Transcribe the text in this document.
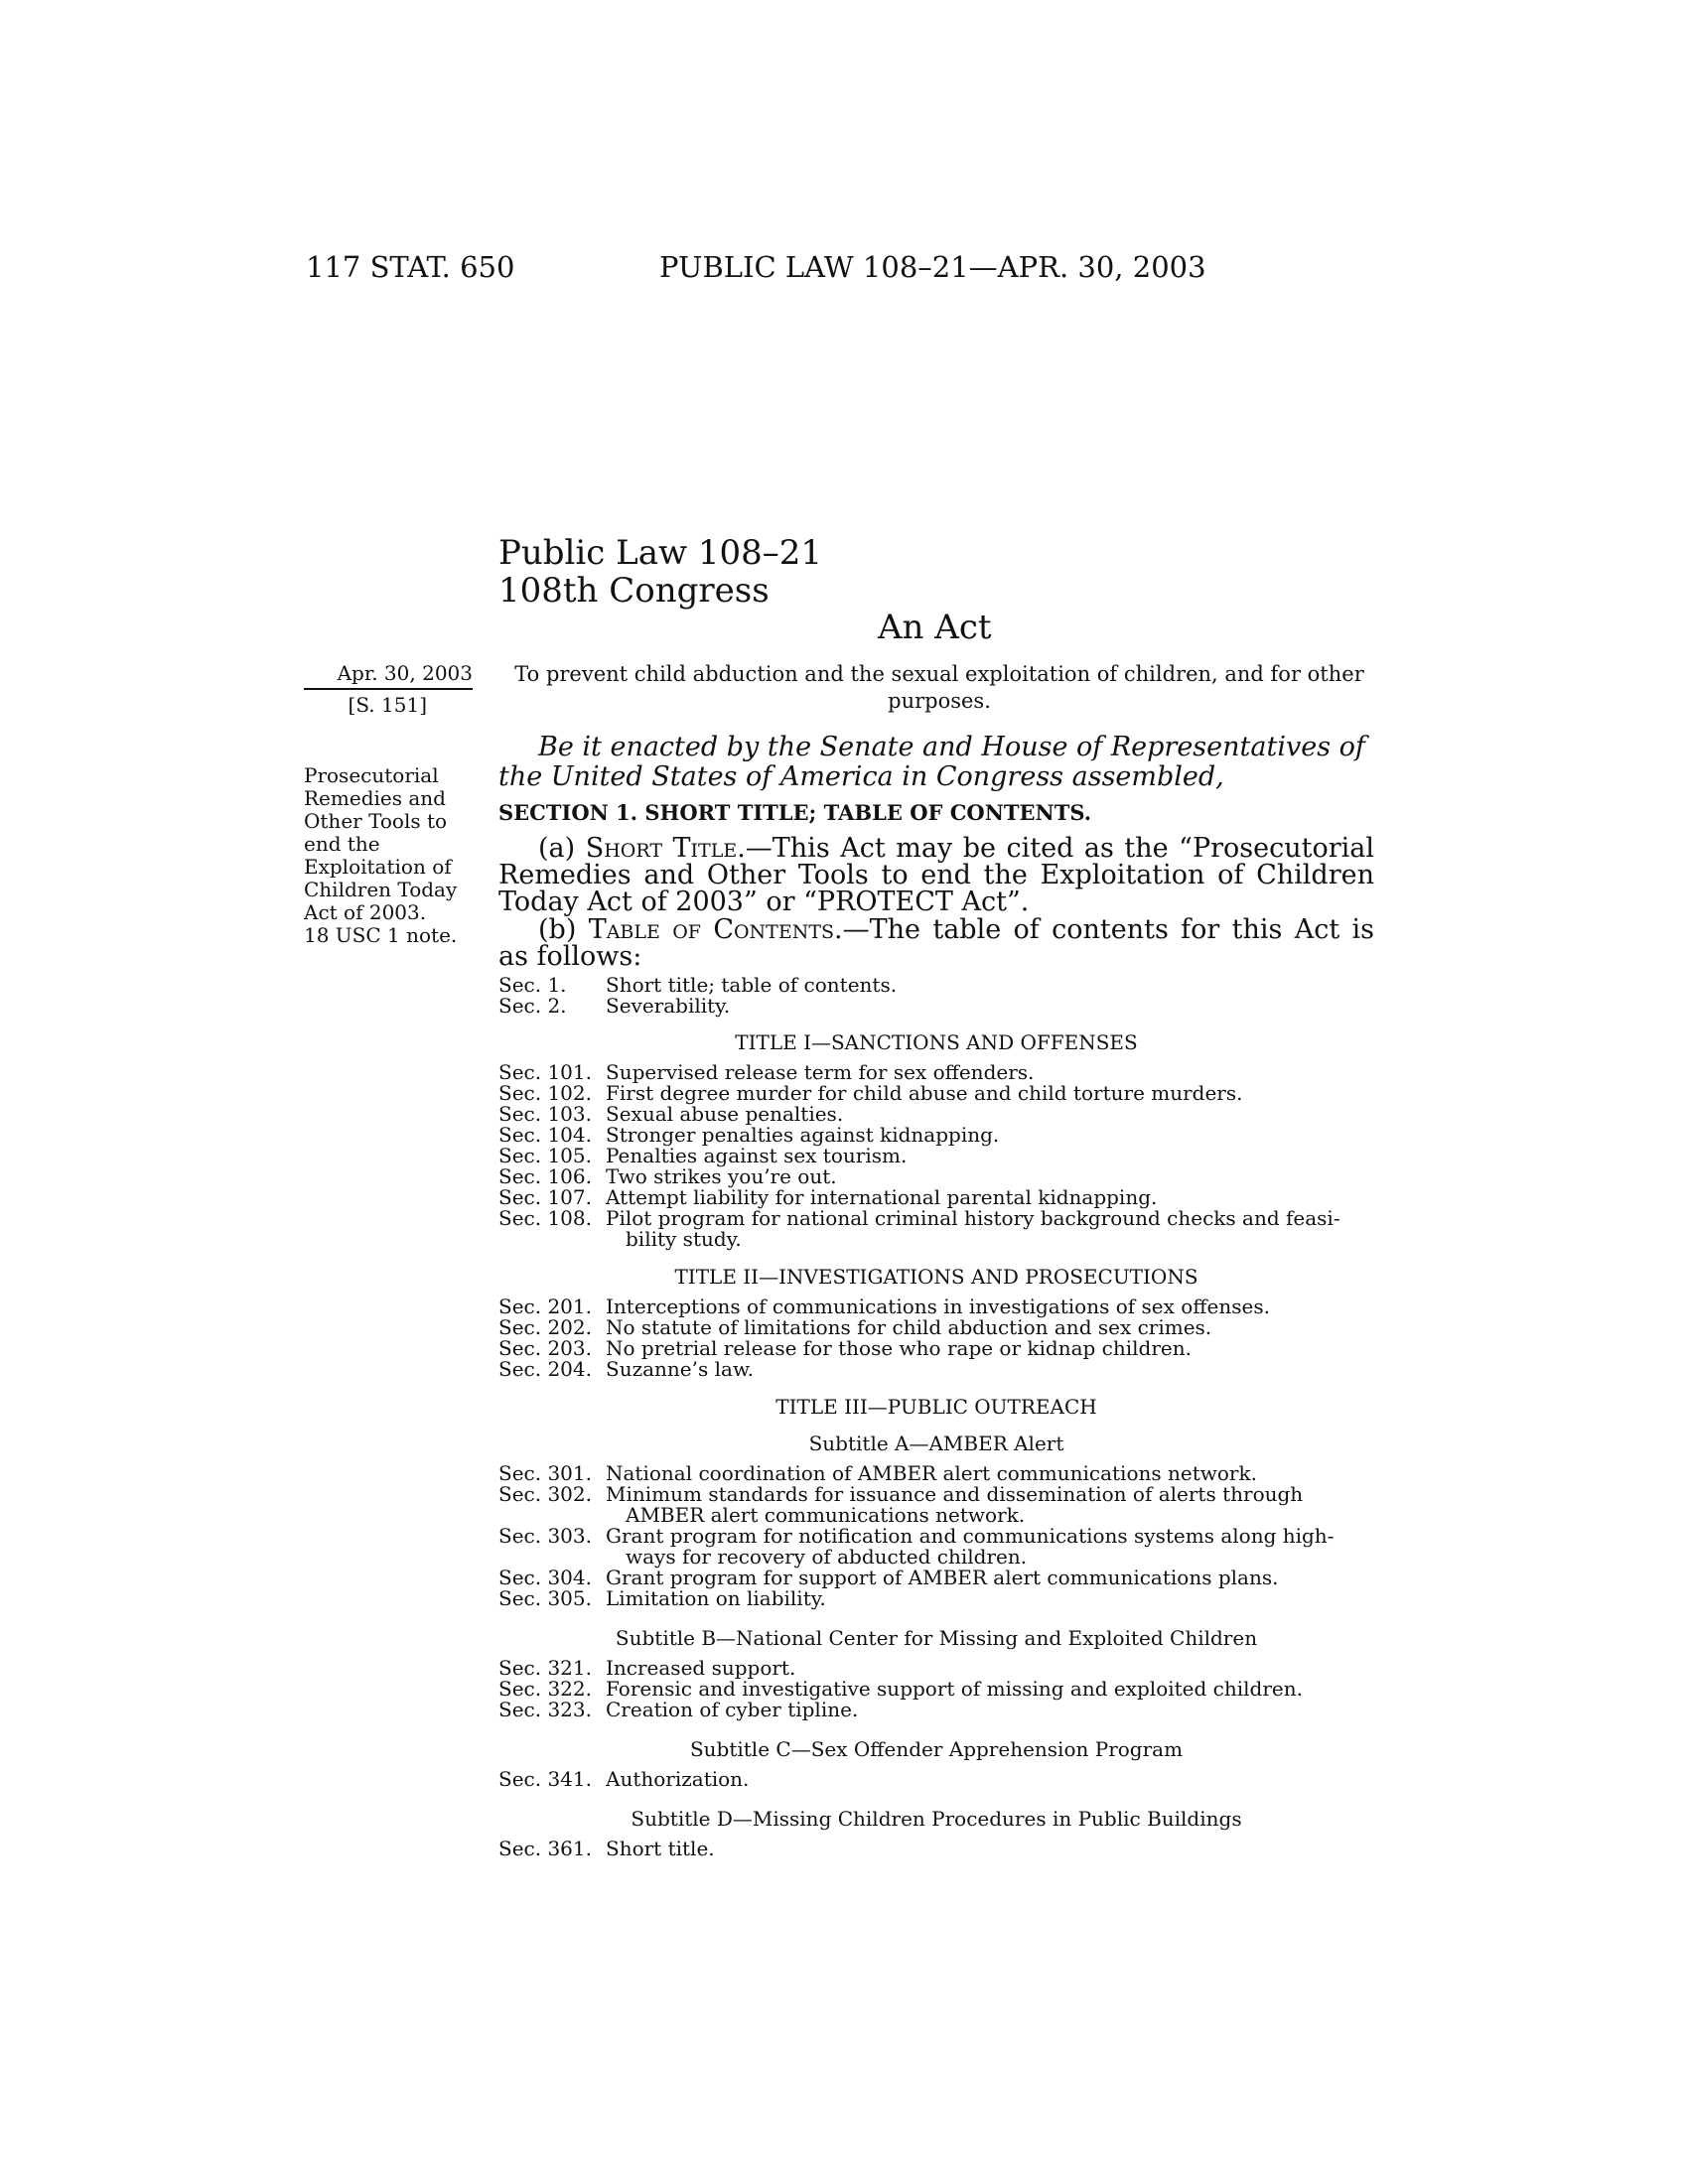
117 STAT. 650	PUBLIC LAW 108–21—APR. 30, 2003
Public Law 108–21
108th Congress
An Act
Apr. 30, 2003
[S. 151]
Prosecutorial
Remedies and
Other Tools to
end the
Exploitation of
Children Today
Act of 2003.
18 USC 1 note.
To prevent child abduction and the sexual exploitation of children, and for other
purposes.
Be it enacted by the Senate and House of Representatives of
the United States of America in Congress assembled,
SECTION 1. SHORT TITLE; TABLE OF CONTENTS.
(a) Short Title.—This Act may be cited as the “Prosecutorial Remedies and Other Tools to end the Exploitation of Children Today Act of 2003” or “PROTECT Act”.
(b) Table of Contents.—The table of contents for this Act is as follows:
Sec. 1. Short title; table of contents.
Sec. 2. Severability.
TITLE I—SANCTIONS AND OFFENSES
Sec. 101. Supervised release term for sex offenders.
Sec. 102. First degree murder for child abuse and child torture murders.
Sec. 103. Sexual abuse penalties.
Sec. 104. Stronger penalties against kidnapping.
Sec. 105. Penalties against sex tourism.
Sec. 106. Two strikes you’re out.
Sec. 107. Attempt liability for international parental kidnapping.
Sec. 108. Pilot program for national criminal history background checks and feasi-
bility study.
TITLE II—INVESTIGATIONS AND PROSECUTIONS
Sec. 201. Interceptions of communications in investigations of sex offenses.
Sec. 202. No statute of limitations for child abduction and sex crimes.
Sec. 203. No pretrial release for those who rape or kidnap children.
Sec. 204. Suzanne’s law.
TITLE III—PUBLIC OUTREACH
Subtitle A—AMBER Alert
Sec. 301. National coordination of AMBER alert communications network.
Sec. 302. Minimum standards for issuance and dissemination of alerts through
AMBER alert communications network.
Sec. 303. Grant program for notification and communications systems along high-
ways for recovery of abducted children.
Sec. 304. Grant program for support of AMBER alert communications plans.
Sec. 305. Limitation on liability.
Subtitle B—National Center for Missing and Exploited Children
Sec. 321. Increased support.
Sec. 322. Forensic and investigative support of missing and exploited children.
Sec. 323. Creation of cyber tipline.
Subtitle C—Sex Offender Apprehension Program
Sec. 341. Authorization.
Subtitle D—Missing Children Procedures in Public Buildings
Sec. 361. Short title.
